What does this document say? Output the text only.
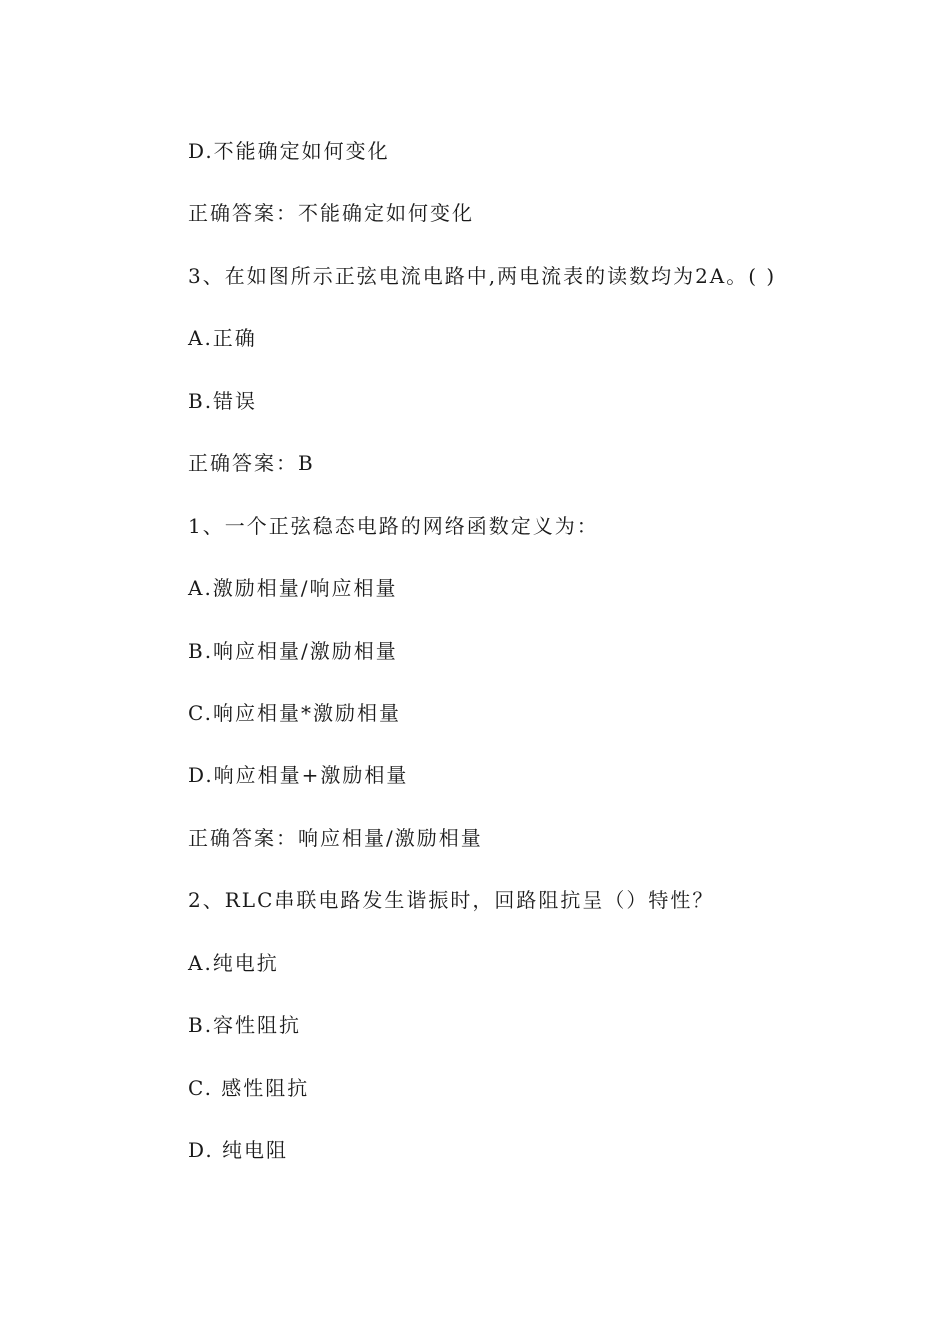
D.不能确定如何变化
正确答案：不能确定如何变化
3、在如图所示正弦电流电路中,两电流表的读数均为2A。( )
A.正确
B.错误
正确答案：B
1、一个正弦稳态电路的网络函数定义为：
A.激励相量/响应相量
B.响应相量/激励相量
C.响应相量*激励相量
D.响应相量+激励相量
正确答案：响应相量/激励相量
2、RLC串联电路发生谐振时，回路阻抗呈（）特性？
A.纯电抗
B.容性阻抗
C. 感性阻抗
D. 纯电阻
